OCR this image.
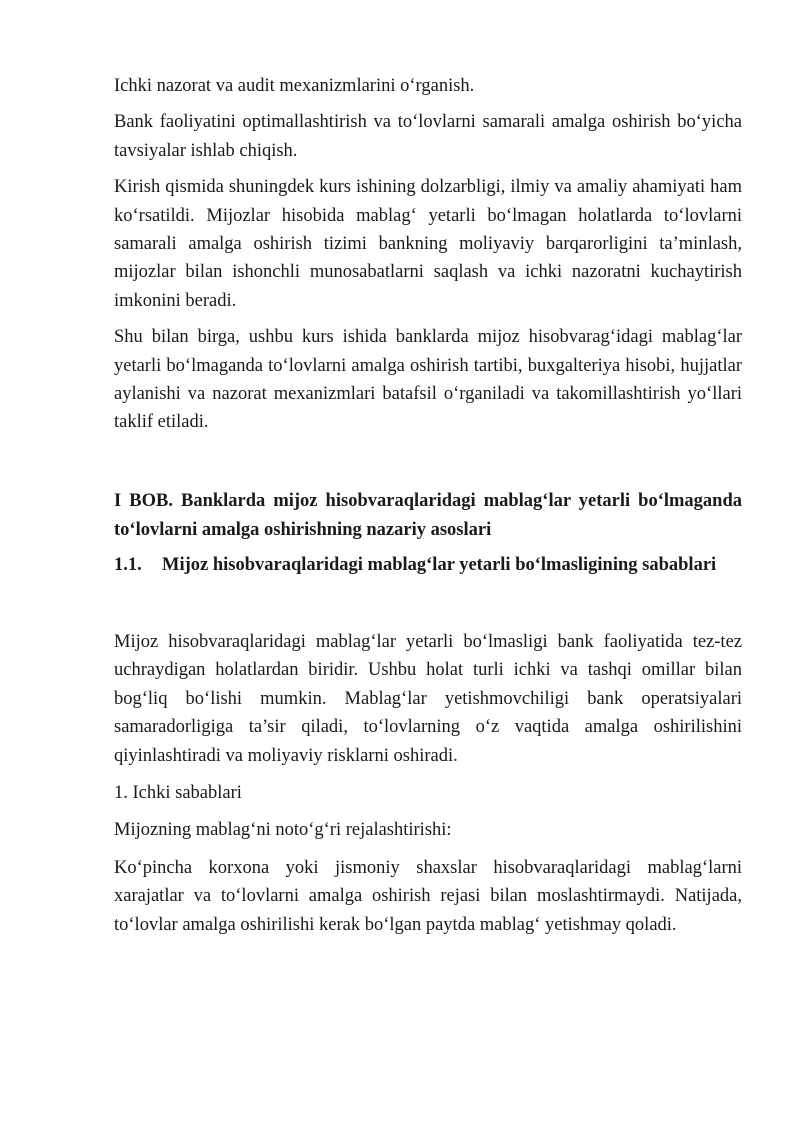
Ichki nazorat va audit mexanizmlarini o‘rganish.

Bank faoliyatini optimallashtirish va to‘lovlarni samarali amalga oshirish bo‘yicha tavsiyalar ishlab chiqish.

Kirish qismida shuningdek kurs ishining dolzarbligi, ilmiy va amaliy ahamiyati ham ko‘rsatildi. Mijozlar hisobida mablag‘ yetarli bo‘lmagan holatlarda to‘lovlarni samarali amalga oshirish tizimi bankning moliyaviy barqarorligini ta’minlash, mijozlar bilan ishonchli munosabatlarni saqlash va ichki nazoratni kuchaytirish imkonini beradi.

Shu bilan birga, ushbu kurs ishida banklarda mijoz hisobvarag‘idagi mablag‘lar yetarli bo‘lmaganda to‘lovlarni amalga oshirish tartibi, buxgalteriya hisobi, hujjatlar aylanishi va nazorat mexanizmlari batafsil o‘rganiladi va takomillashtirish yo‘llari taklif etiladi.

I BOB. Banklarda mijoz hisobvaraqlaridagi mablag‘lar yetarli bo‘lmaganda to‘lovlarni amalga oshirishning nazariy asoslari
1.1.	Mijoz hisobvaraqlaridagi mablag‘lar yetarli bo‘lmasligining sabablari

Mijoz hisobvaraqlaridagi mablag‘lar yetarli bo‘lmasligi bank faoliyatida tez-tez uchraydigan holatlardan biridir. Ushbu holat turli ichki va tashqi omillar bilan bog‘liq bo‘lishi mumkin. Mablag‘lar yetishmovchiligi bank operatsiyalari samaradorligiga ta’sir qiladi, to‘lovlarning o‘z vaqtida amalga oshirilishini qiyinlashtiradi va moliyaviy risklarni oshiradi.

1. Ichki sabablari

Mijozning mablag‘ni noto‘g‘ri rejalashtirishi:

Ko‘pincha korxona yoki jismoniy shaxslar hisobvaraqlaridagi mablag‘larni xarajatlar va to‘lovlarni amalga oshirish rejasi bilan moslashtirmaydi. Natijada, to‘lovlar amalga oshirilishi kerak bo‘lgan paytda mablag‘ yetishmay qoladi.
